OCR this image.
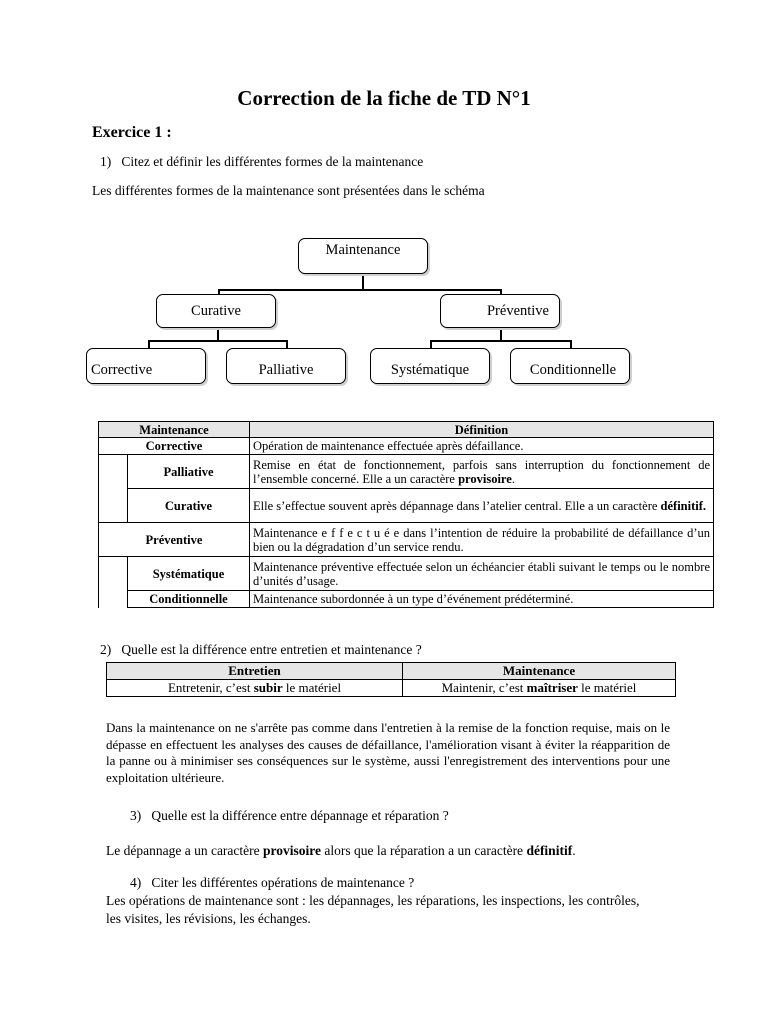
Correction de la fiche de TD N°1
Exercice 1 :
1) Citez et définir les différentes formes de la maintenance
Les différentes formes de la maintenance sont présentées dans le schéma
Maintenance
Curative	Préventive
Corrective	Palliative	Systématique	Conditionnelle
Maintenance		Définition
Corrective		Opération de maintenance effectuée après défaillance.
	Palliative	Remise en état de fonctionnement, parfois sans interruption du fonctionnement de l’ensemble concerné. Elle a un caractère provisoire.
	Curative	Elle s’effectue souvent après dépannage dans l’atelier central. Elle a un caractère définitif.
Préventive		Maintenance e f f e c t u é e dans l’intention de réduire la probabilité de défaillance d’un bien ou la dégradation d’un service rendu.
	Systématique	Maintenance préventive effectuée selon un échéancier établi suivant le temps ou le nombre d’unités d’usage.
	Conditionnelle	Maintenance subordonnée à un type d’événement prédéterminé.
2) Quelle est la différence entre entretien et maintenance ?
Entretien	Maintenance
Entretenir, c’est subir le matériel	Maintenir, c’est maîtriser le matériel
Dans la maintenance on ne s'arrête pas comme dans l'entretien à la remise de la fonction requise, mais on le dépasse en effectuent les analyses des causes de défaillance, l'amélioration visant à éviter la réapparition de la panne ou à minimiser ses conséquences sur le système, aussi l'enregistrement des interventions pour une exploitation ultérieure.
3) Quelle est la différence entre dépannage et réparation ?
Le dépannage a un caractère provisoire alors que la réparation a un caractère définitif.
4) Citer les différentes opérations de maintenance ?
Les opérations de maintenance sont : les dépannages, les réparations, les inspections, les contrôles, les visites, les révisions, les échanges.
